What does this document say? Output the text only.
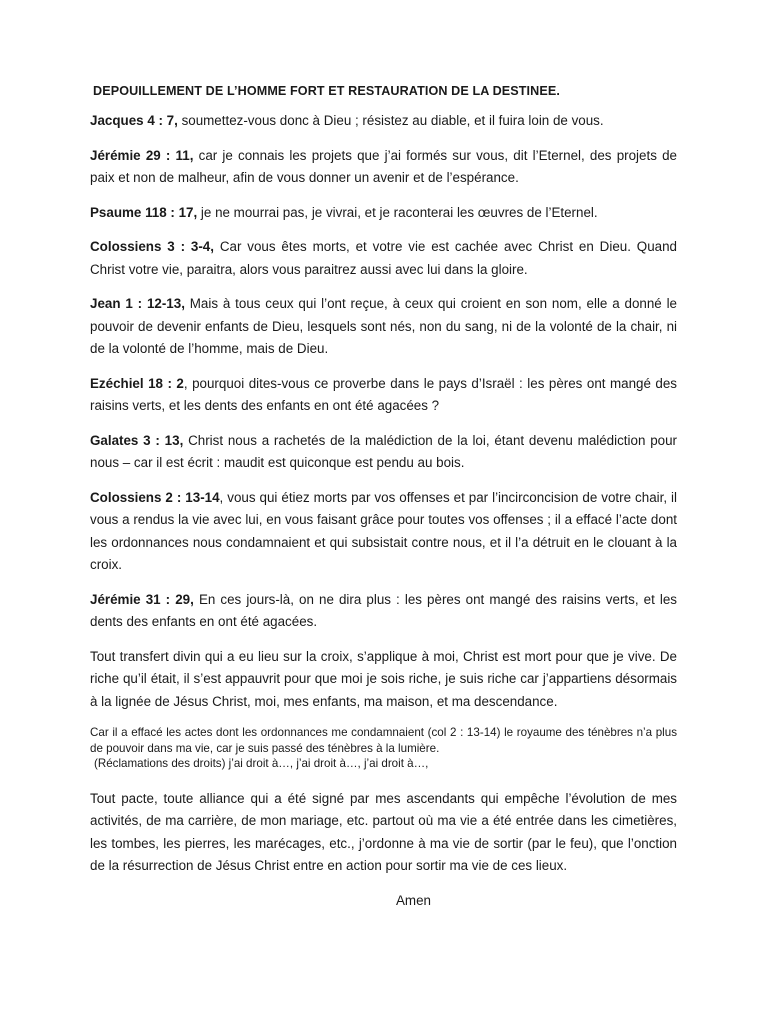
DEPOUILLEMENT DE L’HOMME FORT ET RESTAURATION DE LA DESTINEE.

Jacques 4 : 7, soumettez-vous donc à Dieu ; résistez au diable, et il fuira loin de vous.

Jérémie 29 : 11, car je connais les projets que j’ai formés sur vous, dit l’Eternel, des projets de paix et non de malheur, afin de vous donner un avenir et de l’espérance.

Psaume 118 : 17, je ne mourrai pas, je vivrai, et je raconterai les œuvres de l’Eternel.

Colossiens 3 : 3-4, Car vous êtes morts, et votre vie est cachée avec Christ en Dieu. Quand Christ votre vie, paraitra, alors vous paraitrez aussi avec lui dans la gloire.

Jean 1 : 12-13, Mais à tous ceux qui l’ont reçue, à ceux qui croient en son nom, elle a donné le pouvoir de devenir enfants de Dieu, lesquels sont nés, non du sang, ni de la volonté de la chair, ni de la volonté de l’homme, mais de Dieu.

Ezéchiel 18 : 2, pourquoi dites-vous ce proverbe dans le pays d’Israël : les pères ont mangé des raisins verts, et les dents des enfants en ont été agacées ?

Galates 3 : 13, Christ nous a rachetés de la malédiction de la loi, étant devenu malédiction pour nous – car il est écrit : maudit est quiconque est pendu au bois.

Colossiens 2 : 13-14, vous qui étiez morts par vos offenses et par l’incirconcision de votre chair, il vous a rendus la vie avec lui, en vous faisant grâce pour toutes vos offenses ; il a effacé l’acte dont les ordonnances nous condamnaient et qui subsistait contre nous, et il l’a détruit en le clouant à la croix.

Jérémie 31 : 29, En ces jours-là, on ne dira plus : les pères ont mangé des raisins verts, et les dents des enfants en ont été agacées.

Tout transfert divin qui a eu lieu sur la croix, s’applique à moi, Christ est mort pour que je vive. De riche qu’il était, il s’est appauvrit pour que moi je sois riche, je suis riche car j’appartiens désormais à la lignée de Jésus Christ, moi, mes enfants, ma maison, et ma descendance.

Car il a effacé les actes dont les ordonnances me condamnaient (col 2 : 13-14) le royaume des ténèbres n’a plus de pouvoir dans ma vie, car je suis passé des ténèbres à la lumière.

(Réclamations des droits) j’ai droit à…, j’ai droit à…, j’ai droit à…,

Tout pacte, toute alliance qui a été signé par mes ascendants qui empêche l’évolution de mes activités, de ma carrière, de mon mariage, etc. partout où ma vie a été entrée dans les cimetières, les tombes, les pierres, les marécages, etc., j’ordonne à ma vie de sortir (par le feu), que l’onction de la résurrection de Jésus Christ entre en action pour sortir ma vie de ces lieux.

Amen
